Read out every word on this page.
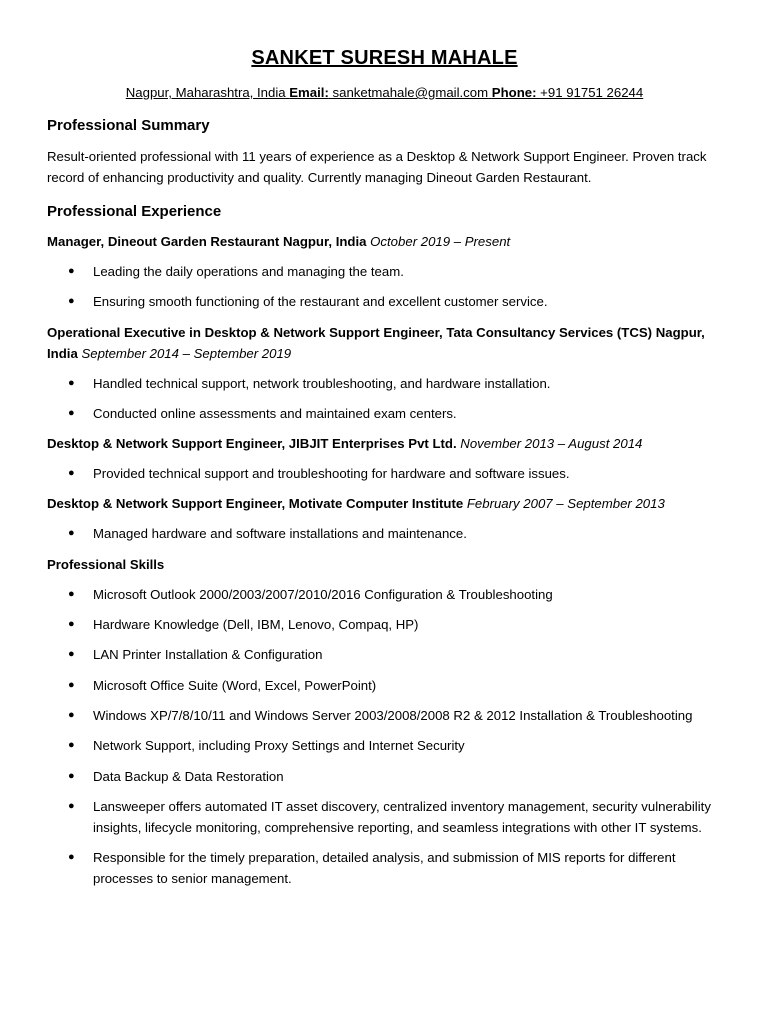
SANKET SURESH MAHALE
Nagpur, Maharashtra, India Email: sanketmahale@gmail.com Phone: +91 91751 26244
Professional Summary

Result-oriented professional with 11 years of experience as a Desktop & Network Support Engineer. Proven track record of enhancing productivity and quality. Currently managing Dineout Garden Restaurant.

Professional Experience
Manager, Dineout Garden Restaurant Nagpur, India October 2019 – Present
● Leading the daily operations and managing the team.
● Ensuring smooth functioning of the restaurant and excellent customer service.
Operational Executive in Desktop & Network Support Engineer, Tata Consultancy Services (TCS) Nagpur, India September 2014 – September 2019
● Handled technical support, network troubleshooting, and hardware installation.
● Conducted online assessments and maintained exam centers.
Desktop & Network Support Engineer, JIBJIT Enterprises Pvt Ltd. November 2013 – August 2014
● Provided technical support and troubleshooting for hardware and software issues.
Desktop & Network Support Engineer, Motivate Computer Institute February 2007 – September 2013
● Managed hardware and software installations and maintenance.
Professional Skills
● Microsoft Outlook 2000/2003/2007/2010/2016 Configuration & Troubleshooting
● Hardware Knowledge (Dell, IBM, Lenovo, Compaq, HP)
● LAN Printer Installation & Configuration
● Microsoft Office Suite (Word, Excel, PowerPoint)
● Windows XP/7/8/10/11 and Windows Server 2003/2008/2008 R2 & 2012 Installation & Troubleshooting
● Network Support, including Proxy Settings and Internet Security
● Data Backup & Data Restoration
● Lansweeper offers automated IT asset discovery, centralized inventory management, security vulnerability insights, lifecycle monitoring, comprehensive reporting, and seamless integrations with other IT systems.
● Responsible for the timely preparation, detailed analysis, and submission of MIS reports for different processes to senior management.
